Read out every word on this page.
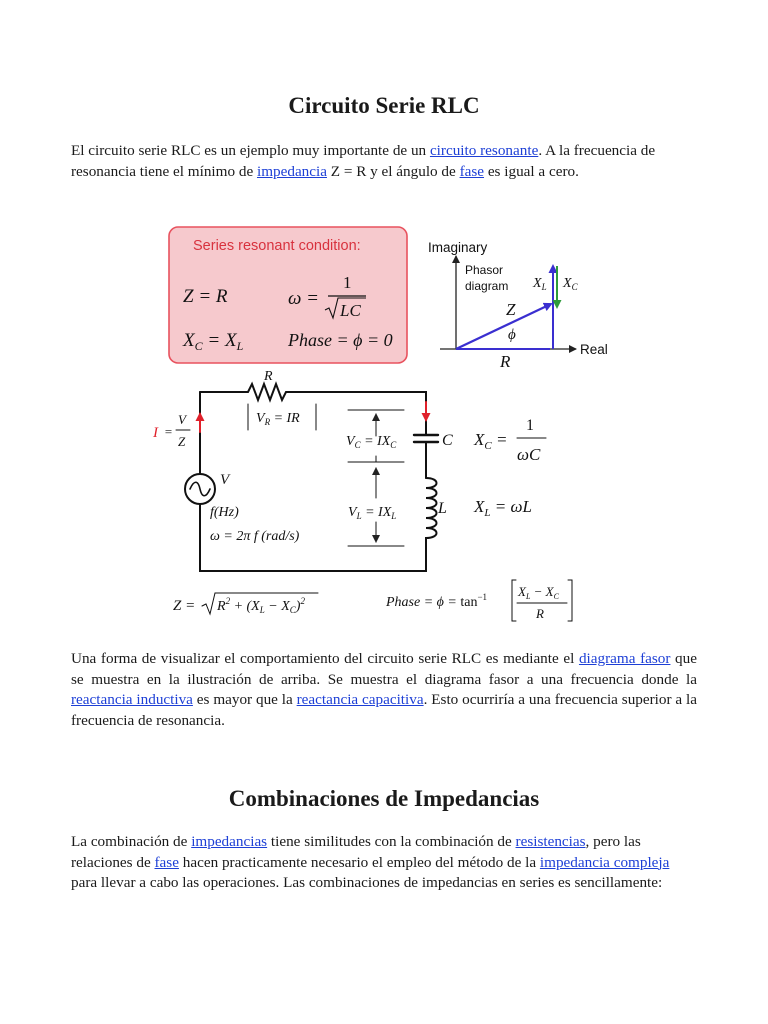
Circuito Serie RLC

El circuito serie RLC es un ejemplo muy importante de un circuito resonante. A la frecuencia de resonancia tiene el mínimo de impedancia Z = R y el ángulo de fase es igual a cero.

Series resonant condition:
Z = R	ω =
1
LC
$X_C = X_L$ Phase = ϕ = 0
Imaginary
Real
Phasor
diagram
Z
ϕ
R
$X_L$ $X_C$
R
C
L
V
f(Hz)
ω = 2π f (rad/s)
I =
V
Z
$V_R$ = IR
$V_C = IX_C$
$V_L = IX_L$
$X_C$ =
1
ωC
$X_L = \omega L$
$Z = R^2 + (X_L - X_C)^2$	Phase = $\phi = \tan^{-1} X_L - X_C$
R

Una forma de visualizar el comportamiento del circuito serie RLC es mediante el diagrama fasor que se muestra en la ilustración de arriba. Se muestra el diagrama fasor a una frecuencia donde la reactancia inductiva es mayor que la reactancia capacitiva. Esto ocurriría a una frecuencia superior a la frecuencia de resonancia.

Combinaciones de Impedancias

La combinación de impedancias tiene similitudes con la combinación de resistencias, pero las relaciones de fase hacen practicamente necesario el empleo del método de la impedancia compleja para llevar a cabo las operaciones. Las combinaciones de impedancias en series es sencillamente:
